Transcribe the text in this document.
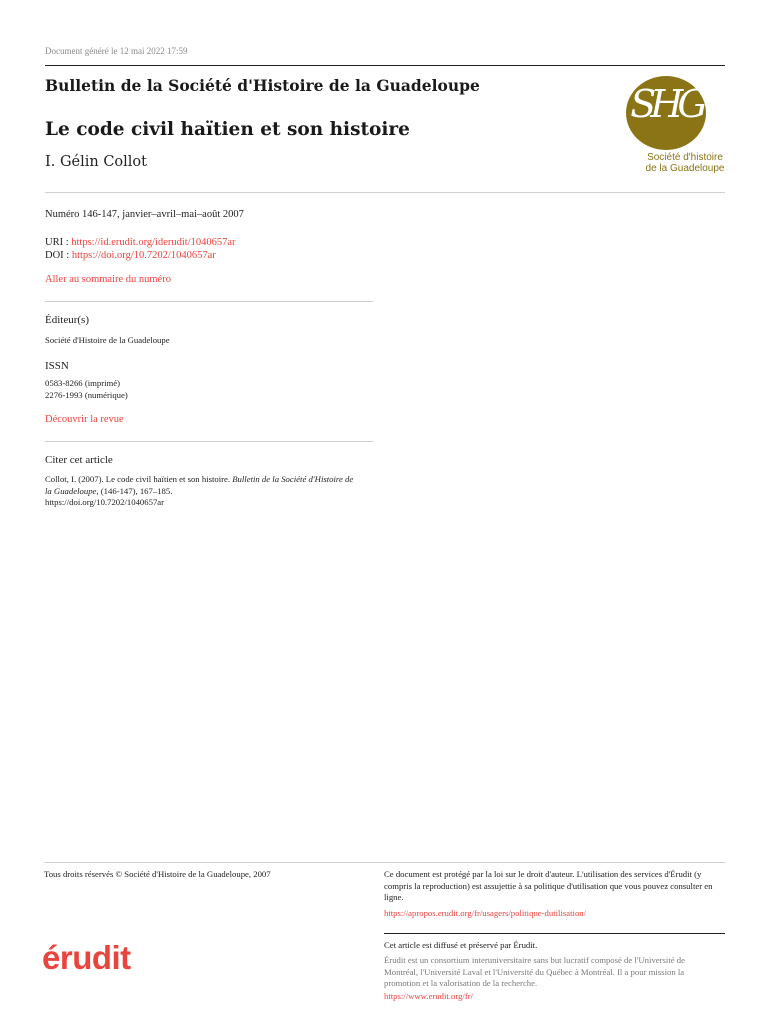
Document généré le 12 mai 2022 17:59
Bulletin de la Société d'Histoire de la Guadeloupe
Le code civil haïtien et son histoire
I. Gélin Collot
SHG
Société d'histoire
de la Guadeloupe
Numéro 146-147, janvier–avril–mai–août 2007
URI : https://id.erudit.org/iderudit/1040657ar
DOI : https://doi.org/10.7202/1040657ar
Aller au sommaire du numéro
Éditeur(s)
Société d'Histoire de la Guadeloupe
ISSN
0583-8266 (imprimé)
2276-1993 (numérique)
Découvrir la revue
Citer cet article
Collot, I. (2007). Le code civil haïtien et son histoire. Bulletin de la Société d'Histoire de la Guadeloupe, (146-147), 167–185.
https://doi.org/10.7202/1040657ar
Tous droits réservés © Société d'Histoire de la Guadeloupe, 2007	Ce document est protégé par la loi sur le droit d'auteur. L'utilisation des services d'Érudit (y compris la reproduction) est assujettie à sa politique d'utilisation que vous pouvez consulter en ligne.
https://apropos.erudit.org/fr/usagers/politique-dutilisation/
érudit	Cet article est diffusé et préservé par Érudit.
Érudit est un consortium interuniversitaire sans but lucratif composé de l'Université de Montréal, l'Université Laval et l'Université du Québec à Montréal. Il a pour mission la promotion et la valorisation de la recherche.
https://www.erudit.org/fr/
